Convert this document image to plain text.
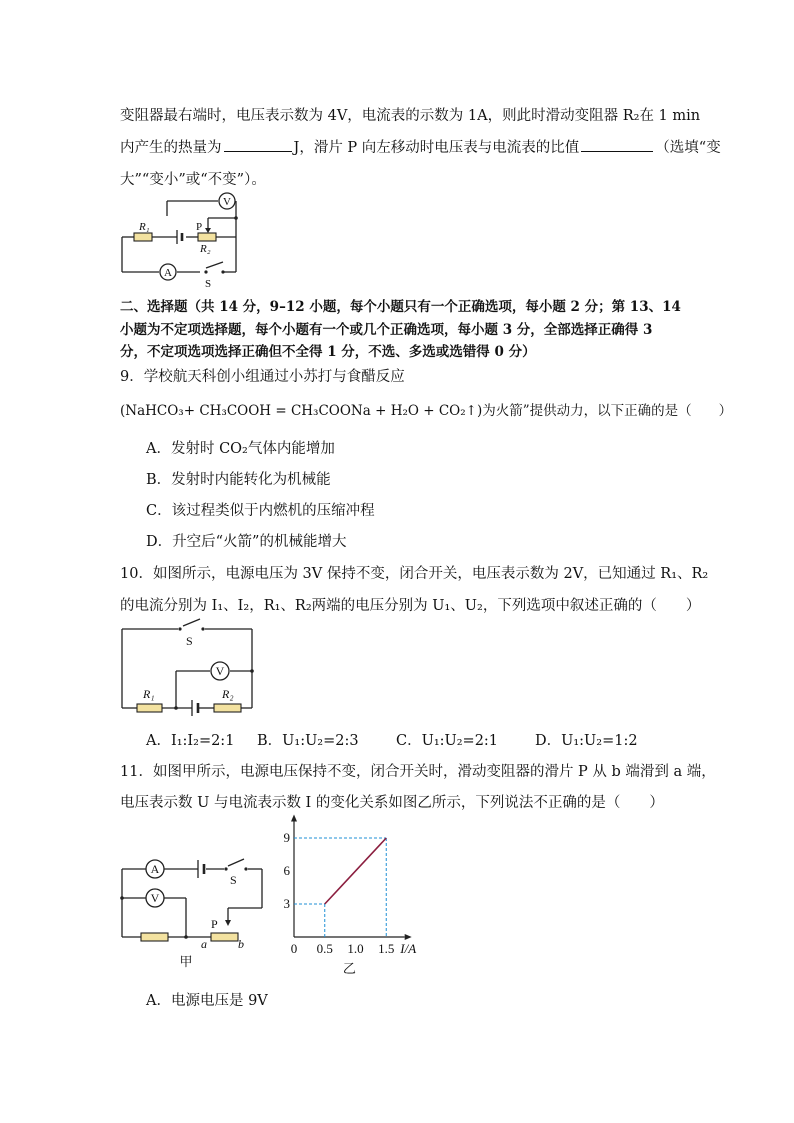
变阻器最右端时，电压表示数为 4V，电流表的示数为 1A，则此时滑动变阻器 R₂在 1 min
内产生的热量为	J，滑片 P 向左移动时电压表与电流表的比值	（选填“变
大”“变小”或“不变”）。
V
A
R₁
R₂
P
S
二、选择题（共 14 分，9–12 小题，每个小题只有一个正确选项，每小题 2 分；第 13、14
小题为不定项选择题，每个小题有一个或几个正确选项，每小题 3 分，全部选择正确得 3
分，不定项选项选择正确但不全得 1 分，不选、多选或选错得 0 分）
9．学校航天科创小组通过小苏打与食醋反应
(NaHCO₃+ CH₃COOH = CH₃COONa + H₂O + CO₂↑)为火箭”提供动力，以下正确的是（　　）
A．发射时 CO₂气体内能增加
B．发射时内能转化为机械能
C．该过程类似于内燃机的压缩冲程
D．升空后“火箭”的机械能增大
10．如图所示，电源电压为 3V 保持不变，闭合开关，电压表示数为 2V，已知通过 R₁、R₂
的电流分别为 I₁、I₂，R₁、R₂两端的电压分别为 U₁、U₂，下列选项中叙述正确的（　　）
V
S
R₁	R₂
A．I₁:I₂=2:1 B．U₁:U₂=2:3	C．U₁:U₂=2:1	D．U₁:U₂=1:2
11．如图甲所示，电源电压保持不变，闭合开关时，滑动变阻器的滑片 P 从 b 端滑到 a 端，
电压表示数 U 与电流表示数 I 的变化关系如图乙所示，下列说法不正确的是（　　）
A
V
S
P
a	b
甲
3
6
9
0.5 1.0 1.5
0	I/A
乙
A．电源电压是 9V
